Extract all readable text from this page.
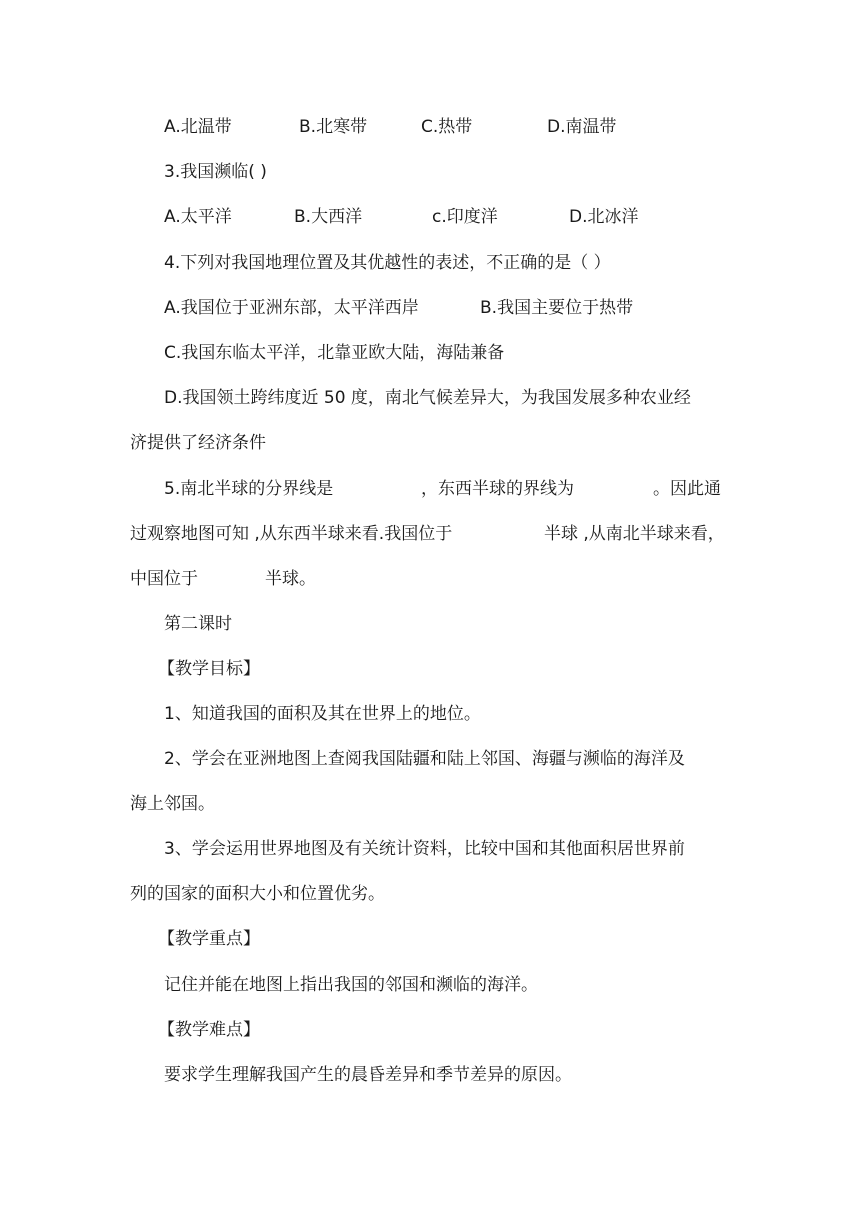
A.北温带	B.北寒带	C.热带	D.南温带
3.我国濒临( )
A.太平洋	B.大西洋	c.印度洋	D.北冰洋
4.下列对我国地理位置及其优越性的表述，不正确的是（ ）
A.我国位于亚洲东部，太平洋西岸	B.我国主要位于热带
C.我国东临太平洋，北靠亚欧大陆，海陆兼备
D.我国领土跨纬度近 50 度，南北气候差异大，为我国发展多种农业经
济提供了经济条件
5.南北半球的分界线是	，东西半球的界线为	。因此通
过观察地图可知 ,从东西半球来看.我国位于	半球 ,从南北半球来看，
中国位于	半球。
第二课时
【教学目标】
1、知道我国的面积及其在世界上的地位。
2、学会在亚洲地图上查阅我国陆疆和陆上邻国、海疆与濒临的海洋及
海上邻国。
3、学会运用世界地图及有关统计资料，比较中国和其他面积居世界前
列的国家的面积大小和位置优劣。
【教学重点】
记住并能在地图上指出我国的邻国和濒临的海洋。
【教学难点】
要求学生理解我国产生的晨昏差异和季节差异的原因。
